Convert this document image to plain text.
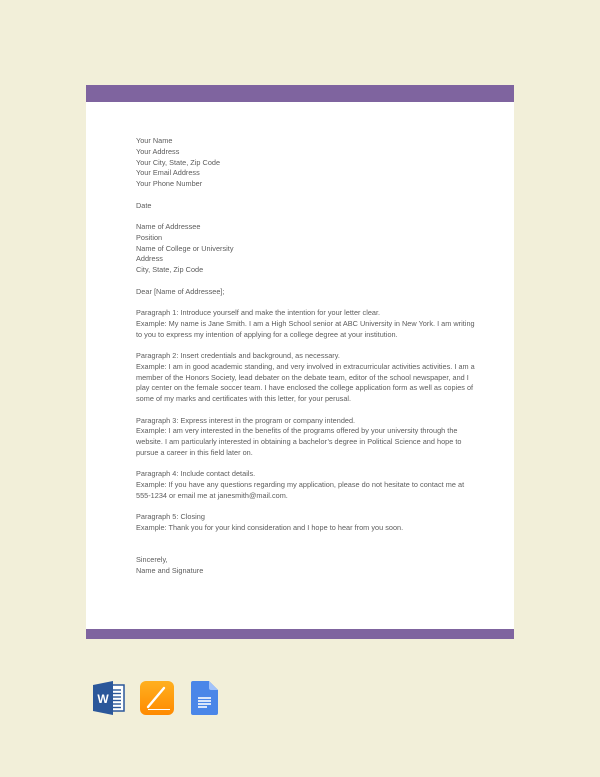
Your Name
Your Address
Your City, State, Zip Code
Your Email Address
Your Phone Number
Date
Name of Addressee
Position
Name of College or University
Address
City, State, Zip Code
Dear [Name of Addressee];
Paragraph 1: Introduce yourself and make the intention for your letter clear.
Example: My name is Jane Smith. I am a High School senior at ABC University in New York. I am writing
to you to express my intention of applying for a college degree at your institution.
Paragraph 2: Insert credentials and background, as necessary.
Example: I am in good academic standing, and very involved in extracurricular activities activities. I am a
member of the Honors Society, lead debater on the debate team, editor of the school newspaper, and I
play center on the female soccer team. I have enclosed the college application form as well as copies of
some of my marks and certificates with this letter, for your perusal.
Paragraph 3: Express interest in the program or company intended.
Example: I am very interested in the benefits of the programs offered by your university through the
website. I am particularly interested in obtaining a bachelor’s degree in Political Science and hope to
pursue a career in this field later on.
Paragraph 4: Include contact details.
Example: If you have any questions regarding my application, please do not hesitate to contact me at
555-1234 or email me at janesmith@mail.com.
Paragraph 5: Closing
Example: Thank you for your kind consideration and I hope to hear from you soon.
Sincerely,
Name and Signature
W
